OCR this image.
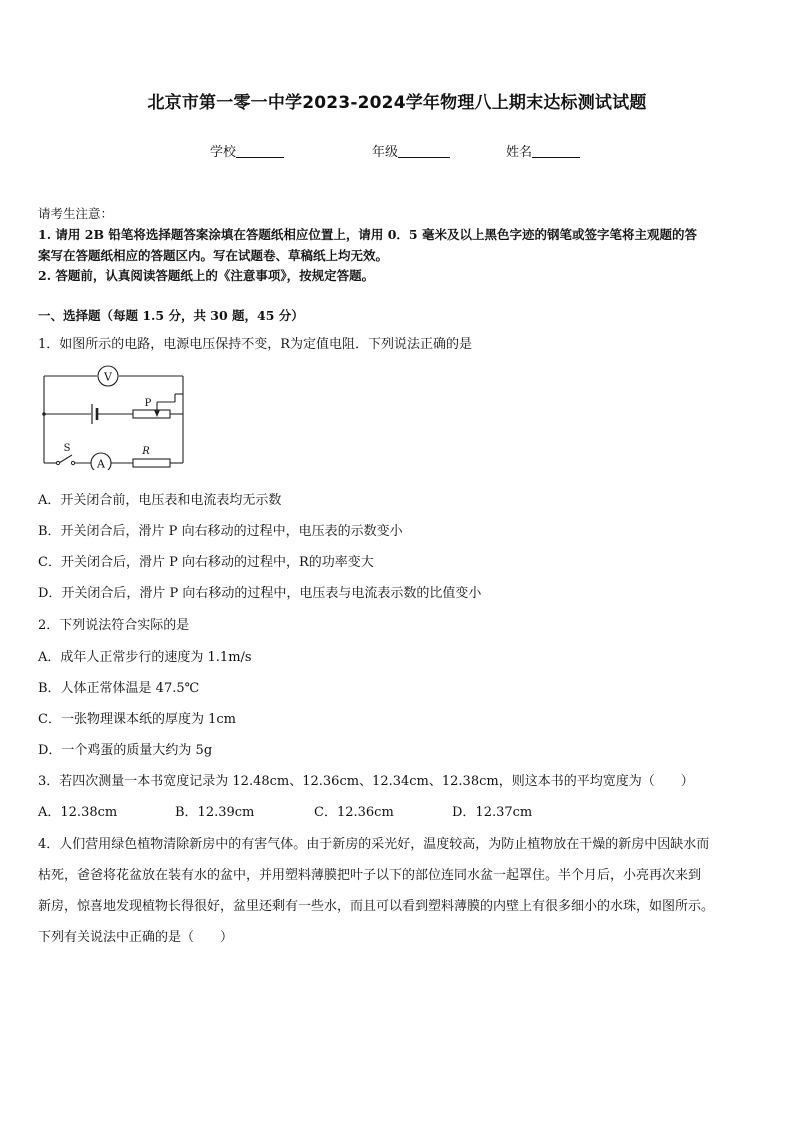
北京市第一零一中学2023-2024学年物理八上期末达标测试试题
学校	年级	姓名
请考生注意：
1. 请用 2B 铅笔将选择题答案涂填在答题纸相应位置上，请用 0．5 毫米及以上黑色字迹的钢笔或签字笔将主观题的答
案写在答题纸相应的答题区内。写在试题卷、草稿纸上均无效。
2. 答题前，认真阅读答题纸上的《注意事项》，按规定答题。
一、选择题（每题 1.5 分，共 30 题，45 分）
1．如图所示的电路，电源电压保持不变，R为定值电阻．下列说法正确的是
V
P
S
A
R
A．开关闭合前，电压表和电流表均无示数
B．开关闭合后，滑片 P 向右移动的过程中，电压表的示数变小
C．开关闭合后，滑片 P 向右移动的过程中，R的功率变大
D．开关闭合后，滑片 P 向右移动的过程中，电压表与电流表示数的比值变小
2．下列说法符合实际的是
A．成年人正常步行的速度为 1.1m/s
B．人体正常体温是 47.5℃
C．一张物理课本纸的厚度为 1cm
D．一个鸡蛋的质量大约为 5g
3．若四次测量一本书宽度记录为 12.48cm、12.36cm、12.34cm、12.38cm，则这本书的平均宽度为（　　）
A．12.38cm	B．12.39cm	C．12.36cm	D．12.37cm
4．人们营用绿色植物清除新房中的有害气体。由于新房的采光好，温度较高，为防止植物放在干燥的新房中因缺水而
枯死，爸爸将花盆放在装有水的盆中，并用塑料薄膜把叶子以下的部位连同水盆一起罩住。半个月后，小亮再次来到
新房，惊喜地发现植物长得很好，盆里还剩有一些水，而且可以看到塑料薄膜的内壁上有很多细小的水珠，如图所示。
下列有关说法中正确的是（　　）
